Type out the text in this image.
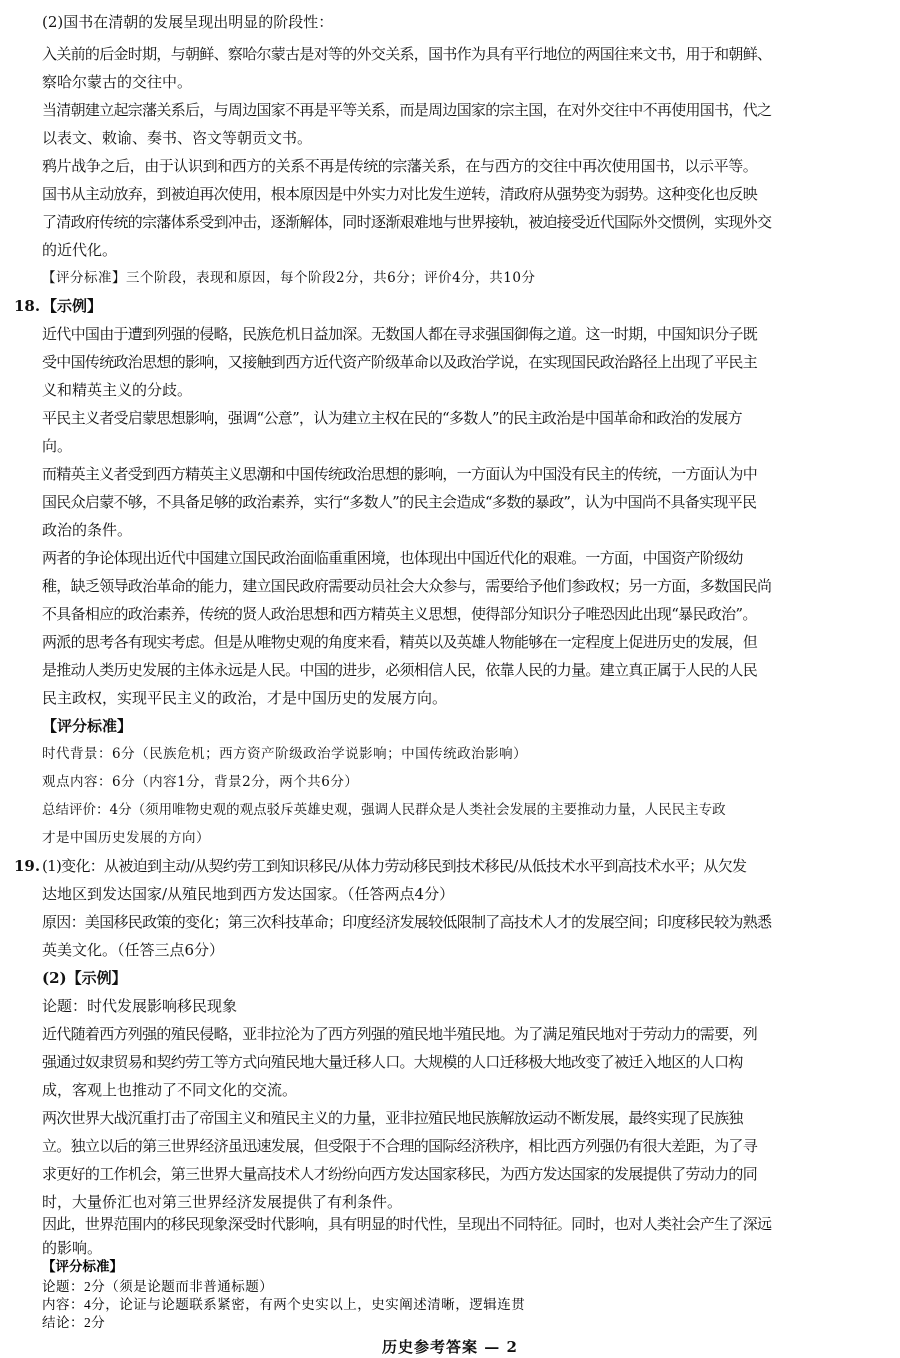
(2)国书在清朝的发展呈现出明显的阶段性：
入关前的后金时期，与朝鲜、察哈尔蒙古是对等的外交关系，国书作为具有平行地位的两国往来文书，用于和朝鲜、
察哈尔蒙古的交往中。
当清朝建立起宗藩关系后，与周边国家不再是平等关系，而是周边国家的宗主国，在对外交往中不再使用国书，代之
以表文、敕谕、奏书、咨文等朝贡文书。
鸦片战争之后，由于认识到和西方的关系不再是传统的宗藩关系，在与西方的交往中再次使用国书，以示平等。
国书从主动放弃，到被迫再次使用，根本原因是中外实力对比发生逆转，清政府从强势变为弱势。这种变化也反映
了清政府传统的宗藩体系受到冲击，逐渐解体，同时逐渐艰难地与世界接轨，被迫接受近代国际外交惯例，实现外交
的近代化。
【评分标准】三个阶段，表现和原因，每个阶段2分，共6分；评价4分，共10分
18. 【示例】
近代中国由于遭到列强的侵略，民族危机日益加深。无数国人都在寻求强国御侮之道。这一时期，中国知识分子既
受中国传统政治思想的影响，又接触到西方近代资产阶级革命以及政治学说，在实现国民政治路径上出现了平民主
义和精英主义的分歧。
平民主义者受启蒙思想影响，强调“公意”，认为建立主权在民的“多数人”的民主政治是中国革命和政治的发展方
向。
而精英主义者受到西方精英主义思潮和中国传统政治思想的影响，一方面认为中国没有民主的传统，一方面认为中
国民众启蒙不够，不具备足够的政治素养，实行“多数人”的民主会造成“多数的暴政”，认为中国尚不具备实现平民
政治的条件。
两者的争论体现出近代中国建立国民政治面临重重困境，也体现出中国近代化的艰难。一方面，中国资产阶级幼
稚，缺乏领导政治革命的能力，建立国民政府需要动员社会大众参与，需要给予他们参政权；另一方面，多数国民尚
不具备相应的政治素养，传统的贤人政治思想和西方精英主义思想，使得部分知识分子唯恐因此出现“暴民政治”。
两派的思考各有现实考虑。但是从唯物史观的角度来看，精英以及英雄人物能够在一定程度上促进历史的发展，但
是推动人类历史发展的主体永远是人民。中国的进步，必须相信人民，依靠人民的力量。建立真正属于人民的人民
民主政权，实现平民主义的政治，才是中国历史的发展方向。
【评分标准】
时代背景：6分（民族危机；西方资产阶级政治学说影响；中国传统政治影响）
观点内容：6分（内容1分，背景2分，两个共6分）
总结评价：4分（须用唯物史观的观点驳斥英雄史观，强调人民群众是人类社会发展的主要推动力量，人民民主专政
才是中国历史发展的方向）
19. (1)变化：从被迫到主动/从契约劳工到知识移民/从体力劳动移民到技术移民/从低技术水平到高技术水平；从欠发
达地区到发达国家/从殖民地到西方发达国家。（任答两点4分）
原因：美国移民政策的变化；第三次科技革命；印度经济发展较低限制了高技术人才的发展空间；印度移民较为熟悉
英美文化。（任答三点6分）
(2)【示例】
论题：时代发展影响移民现象
近代随着西方列强的殖民侵略，亚非拉沦为了西方列强的殖民地半殖民地。为了满足殖民地对于劳动力的需要，列
强通过奴隶贸易和契约劳工等方式向殖民地大量迁移人口。大规模的人口迁移极大地改变了被迁入地区的人口构
成，客观上也推动了不同文化的交流。
两次世界大战沉重打击了帝国主义和殖民主义的力量，亚非拉殖民地民族解放运动不断发展，最终实现了民族独
立。独立以后的第三世界经济虽迅速发展，但受限于不合理的国际经济秩序，相比西方列强仍有很大差距，为了寻
求更好的工作机会，第三世界大量高技术人才纷纷向西方发达国家移民，为西方发达国家的发展提供了劳动力的同
时，大量侨汇也对第三世界经济发展提供了有利条件。
因此，世界范围内的移民现象深受时代影响，具有明显的时代性，呈现出不同特征。同时，也对人类社会产生了深远
的影响。
历史参考答案 — 2
【评分标准】
论题：2分（须是论题而非普通标题）
内容：4分，论证与论题联系紧密，有两个史实以上，史实阐述清晰，逻辑连贯
结论：2分
